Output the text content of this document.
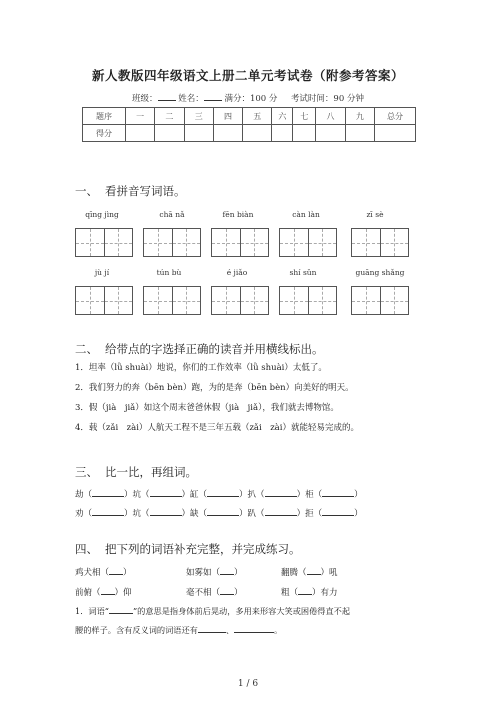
新人教版四年级语文上册二单元考试卷（附参考答案）
班级： 姓名： 满分：100 分 考试时间：90 分钟
题序	一	二	三	四	五	六	七	八	九	总分
得分										
一、 看拼音写词语。
qīng jìng	chā nǎ	fēn biàn	càn làn	zī sè
jù jí	tún bù	é jiǎo	shí sǔn	guāng shǎng
二、 给带点的字选择正确的读音并用横线标出。
1．坦率（lǜ shuài）地说，你们的工作效率（lǜ shuài）太低了。
2．我们努力的奔（bēn bèn）跑，为的是奔（bēn bèn）向美好的明天。
3．假（jià　jiǎ）如这个周末爸爸休假（jià　jiǎ），我们就去博物馆。
4．载（zǎi　zài）人航天工程不是三年五载（zǎi　zài）就能轻易完成的。
三、 比一比，再组词。
劫（	）坑（	）缸（	）扒（	）柜（	）
劝（	）坑（	）缺（	）趴（	）拒（	）
四、 把下列的词语补充完整，并完成练习。
鸡犬相（ ）	如雾如（ ）	翻腾（ ）吼
前俯（ ）仰	毫不相（ ）	粗（ ）有力
1．词语“	”的意思是指身体前后晃动，多用来形容大笑或困倦得直不起
腰的样子。含有反义词的词语还有	、	。
1 / 6
